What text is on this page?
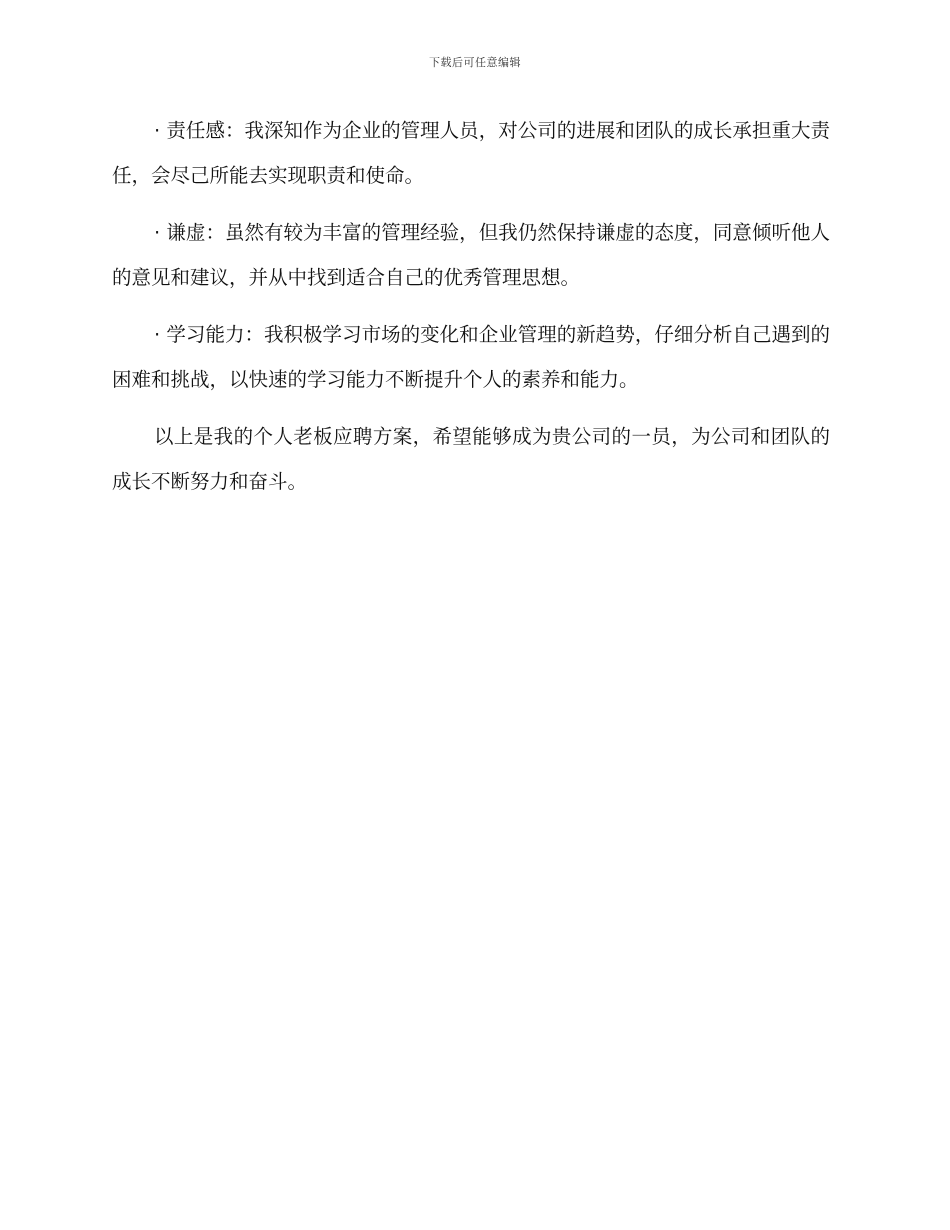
下载后可任意编辑

· 责任感：我深知作为企业的管理人员，对公司的进展和团队的成长承担重大责任，会尽己所能去实现职责和使命。

· 谦虚：虽然有较为丰富的管理经验，但我仍然保持谦虚的态度，同意倾听他人的意见和建议，并从中找到适合自己的优秀管理思想。

· 学习能力：我积极学习市场的变化和企业管理的新趋势，仔细分析自己遇到的困难和挑战，以快速的学习能力不断提升个人的素养和能力。

以上是我的个人老板应聘方案，希望能够成为贵公司的一员，为公司和团队的成长不断努力和奋斗。
